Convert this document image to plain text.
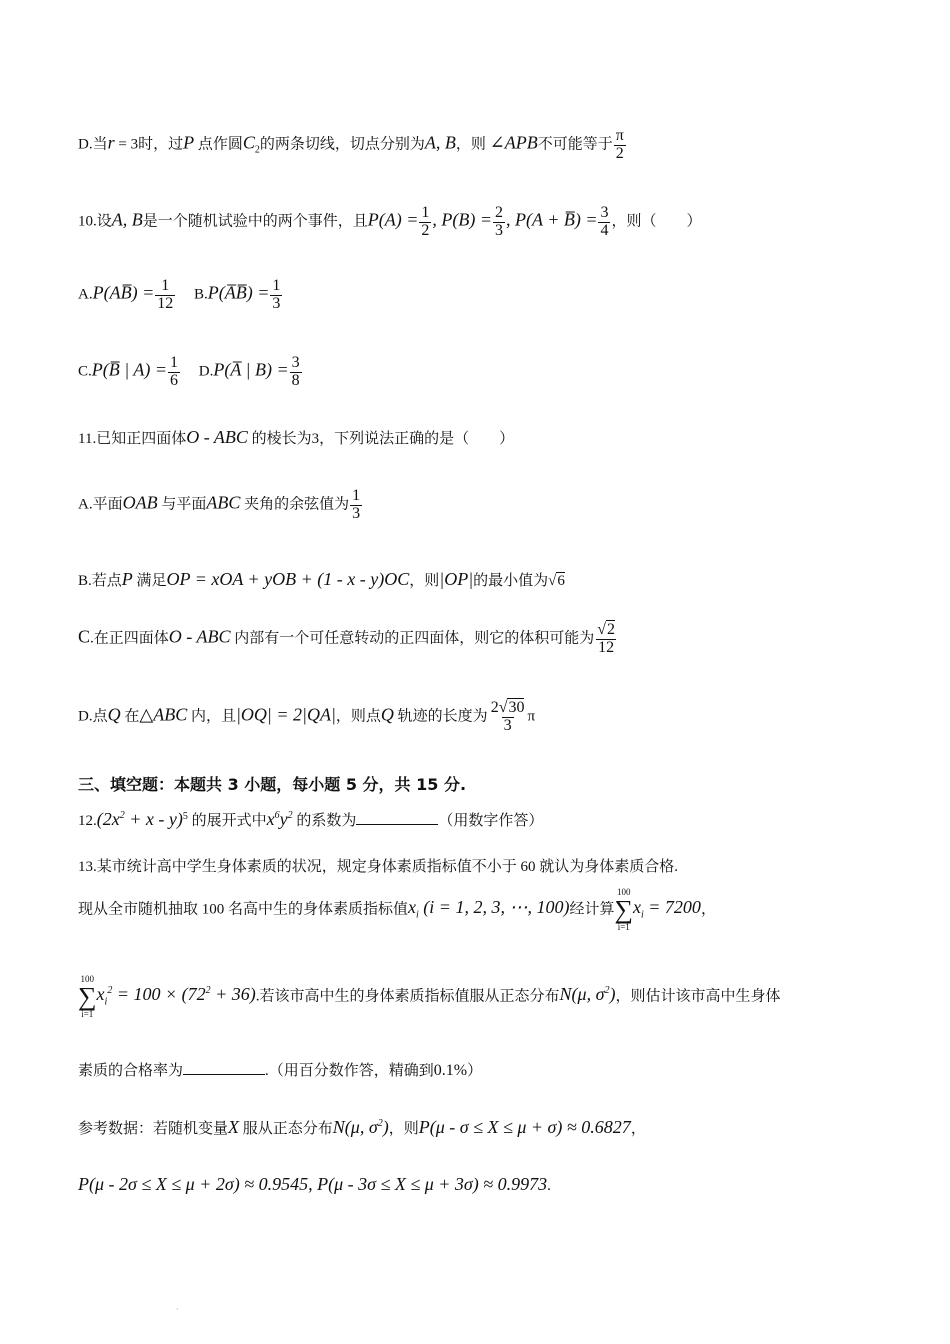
D.当r = 3时，过P 点作圆$C_2$的两条切线，切点分别为A, B，则 ∠APB不可能等于 $\frac{\pi}{2}$
10.设A, B是一个随机试验中的两个事件，且$P(A) = \frac{1}{2}$ , $P(B) = \frac{2}{3}$ , P(A + B̅) = $\frac{3}{4}$ ，则（　　）
A.P(AB̅) = $\frac{1}{12}$ B.P(A̅B̅) = $\frac{1}{3}$
C.P(B̅ | $A) = \frac{1}{6}$ D.P(A̅ | $B) = \frac{3}{8}$
11.已知正四面体O - ABC 的棱长为3，下列说法正确的是（　　）
A.平面OAB 与平面ABC 夹角的余弦值为 $\frac{1}{3}$
B.若点P 满足OP = xOA + yOB + (1 - x - y)OC，则|OP|的最小值为√6
C.在正四面体O - ABC 内部有一个可任意转动的正四面体，则它的体积可能为 $\frac{√2}{12}$
D.点Q 在△ABC 内，且|OQ| = 2|QA|，则点Q 轨迹的长度为 $\frac{2√30}{3}$ π
三、填空题：本题共 3 小题，每小题 5 分，共 15 分.
$12.(2x^2 + x - y)^5$ 的展开式中$x^6y^2$ 的系数为	（用数字作答）
13.某市统计高中学生身体素质的状况，规定身体素质指标值不小于 60 就认为身体素质合格.
现从全市随机抽取 100 名高中生的身体素质指标值$x_i$ (i = 1, 2, 3, ⋯, 100)经计算
100
∑
i=1
$x_i = 7200$，
100
∑
i=1
$x_i^2 = 100 \times (72^2 + 36)$.若该市高中生的身体素质指标值服从正态分布N(μ, $\sigma^2$)，则估计该市高中生身体
素质的合格率为	.（用百分数作答，精确到0.1%）
参考数据：若随机变量X 服从正态分布N(μ, $\sigma^2$)，则P(μ - σ ≤ X ≤ μ + σ) ≈ 0.6827，
P(μ - 2σ ≤ X ≤ μ + 2σ) ≈ 0.9545, P(μ - 3σ ≤ X ≤ μ + 3σ) ≈ 0.9973.
·
